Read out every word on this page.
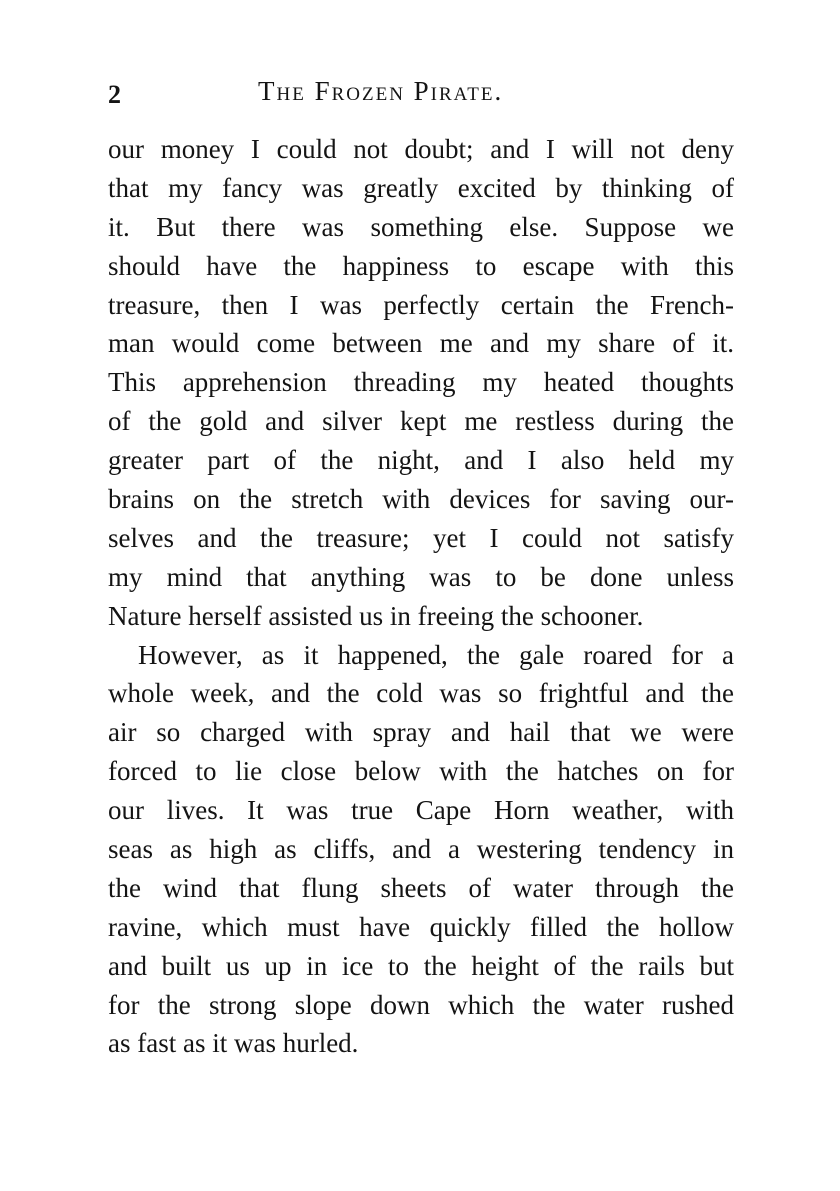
2	The Frozen Pirate.
our money I could not doubt; and I will not deny
that my fancy was greatly excited by thinking of
it. But there was something else. Suppose we
should have the happiness to escape with this
treasure, then I was perfectly certain the French-
man would come between me and my share of it.
This apprehension threading my heated thoughts
of the gold and silver kept me restless during the
greater part of the night, and I also held my
brains on the stretch with devices for saving our-
selves and the treasure; yet I could not satisfy
my mind that anything was to be done unless
Nature herself assisted us in freeing the schooner.
However, as it happened, the gale roared for a
whole week, and the cold was so frightful and the
air so charged with spray and hail that we were
forced to lie close below with the hatches on for
our lives. It was true Cape Horn weather, with
seas as high as cliffs, and a westering tendency in
the wind that flung sheets of water through the
ravine, which must have quickly filled the hollow
and built us up in ice to the height of the rails but
for the strong slope down which the water rushed
as fast as it was hurled.
